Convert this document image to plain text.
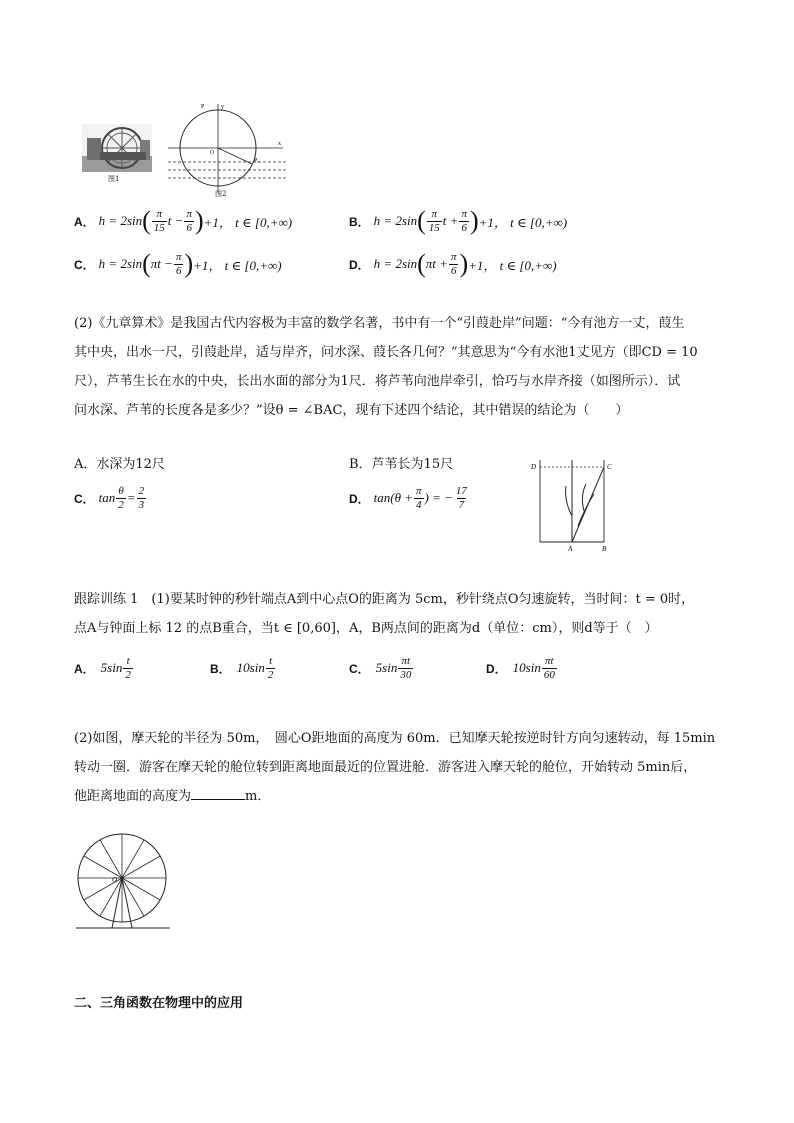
图1
P	y
O
x
P₀
图2
A． h = 2sin ( $\frac{\pi}{15}$ $t - \frac{\pi}{6}$ ) +1， t ∈ [0,+∞)	B． h = 2sin ( $\frac{\pi}{15}$ $t + \frac{\pi}{6}$ ) +1， t ∈ [0,+∞)
C． h = 2sin ( $\pi t - \frac{\pi}{6}$ ) +1， t ∈ [0,+∞)	D． h = 2sin ( $\pi t + \frac{\pi}{6}$ ) +1， t ∈ [0,+∞)
(2)《九章算术》是我国古代内容极为丰富的数学名著，书中有一个“引葭赴岸”问题：“今有池方一丈，葭生
其中央，出水一尺，引葭赴岸，适与岸齐，问水深、葭长各几何？”其意思为“今有水池1丈见方（即CD = 10
尺），芦苇生长在水的中央，长出水面的部分为1尺．将芦苇向池岸牵引，恰巧与水岸齐接（如图所示）．试
问水深、芦苇的长度各是多少？”设θ = ∠BAC，现有下述四个结论，其中错误的结论为（　　）
A．水深为12尺	B．芦苇长为15尺
C． $\tan \frac{\theta}{2} = \frac{2}{3}$	D． $\tan(\theta + \frac{\pi}{4}$ ) = − $\frac{17}{7}$
D	C
A	B
跟踪训练 1　(1)要某时钟的秒针端点A到中心点O的距离为 5cm，秒针绕点O匀速旋转，当时间：t = 0时，
点A与钟面上标 12 的点B重合，当t ∈ [0,60]，A，B两点间的距离为d（单位：cm），则d等于（　）
A． $5\sin \frac{t}{2}$	B． $10\sin \frac{t}{2}$	C． $5\sin \frac{\pi t}{30}$	D． $10\sin \frac{\pi t}{60}$
(2)如图，摩天轮的半径为 50m，　圆心O距地面的高度为 60m．已知摩天轮按逆时针方向匀速转动，每 15min
转动一圈．游客在摩天轮的舱位转到距离地面最近的位置进舱．游客进入摩天轮的舱位，开始转动 5min后，
他距离地面的高度为	m．
O
二、三角函数在物理中的应用
